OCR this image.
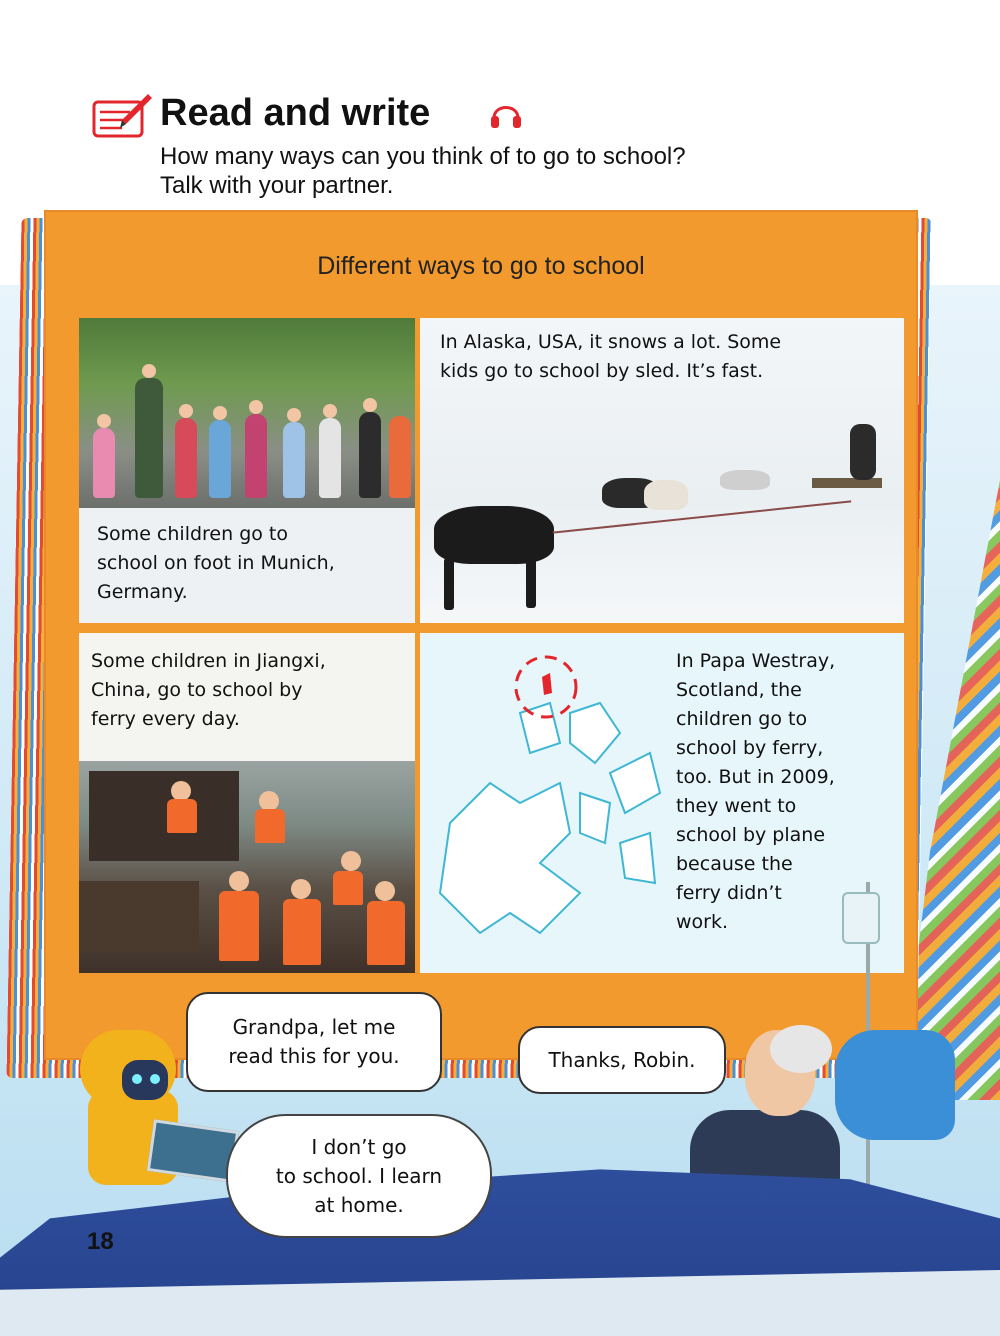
Read and write
How many ways can you think of to go to school?
Talk with your partner.
Different ways to go to school
Some children go to
school on foot in Munich,
Germany.
In Alaska, USA, it snows a lot. Some
kids go to school by sled. It’s fast.
Some children in Jiangxi,
China, go to school by
ferry every day.
In Papa Westray,
Scotland, the
children go to
school by ferry,
too. But in 2009,
they went to
school by plane
because the
ferry didn’t
work.
Grandpa, let me
read this for you.	Thanks, Robin.
I don’t go
to school. I learn
at home.
18
